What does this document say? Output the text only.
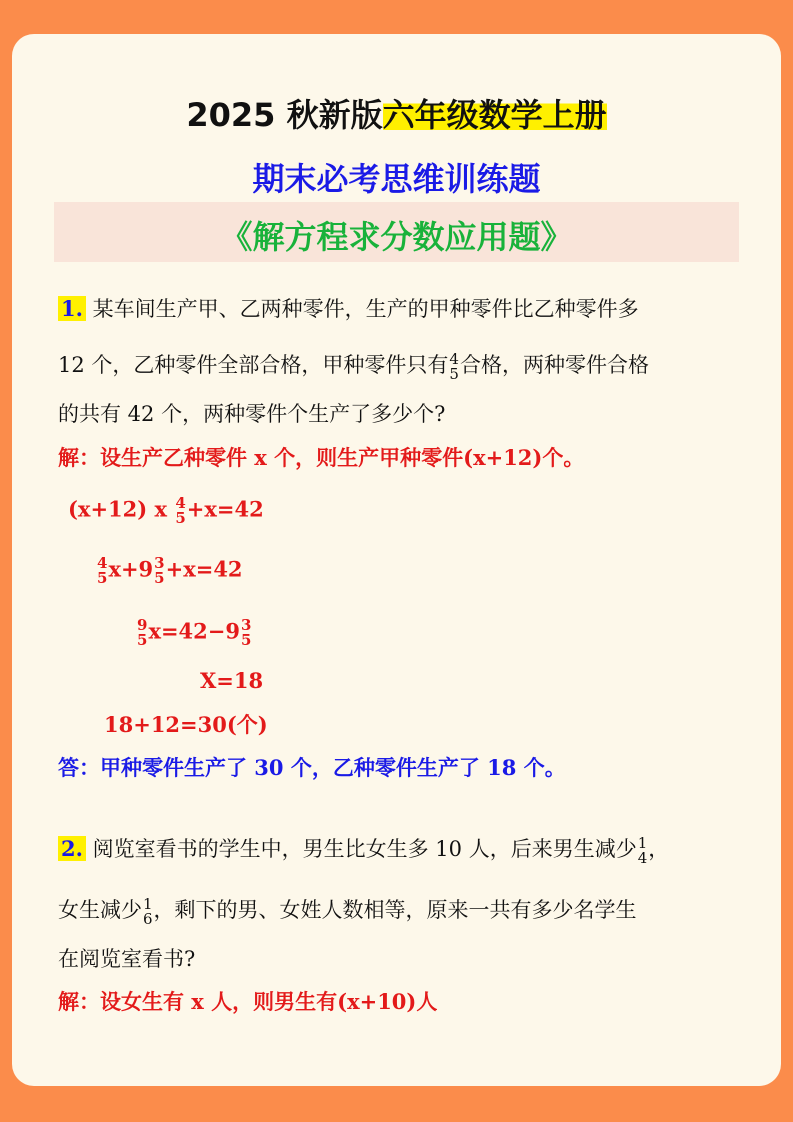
2025 秋新版六年级数学上册
期末必考思维训练题
《解方程求分数应用题》
1. 某车间生产甲、乙两种零件，生产的甲种零件比乙种零件多
12 个，乙种零件全部合格，甲种零件只有 4
5 合格，两种零件合格
的共有 42 个，两种零件个生产了多少个?
解：设生产乙种零件 x 个，则生产甲种零件(x+12)个。
(x+12) x 4
5 +x=42
4
5 x+9 3
5 +x=42
9
5 x=42−9 3
5
X=18
18+12=30(个)
答：甲种零件生产了 30 个，乙种零件生产了 18 个。
2. 阅览室看书的学生中，男生比女生多 10 人，后来男生减少 1
4 ，
女生减少 1
6 ，剩下的男、女姓人数相等，原来一共有多少名学生
在阅览室看书?
解：设女生有 x 人，则男生有(x+10)人
